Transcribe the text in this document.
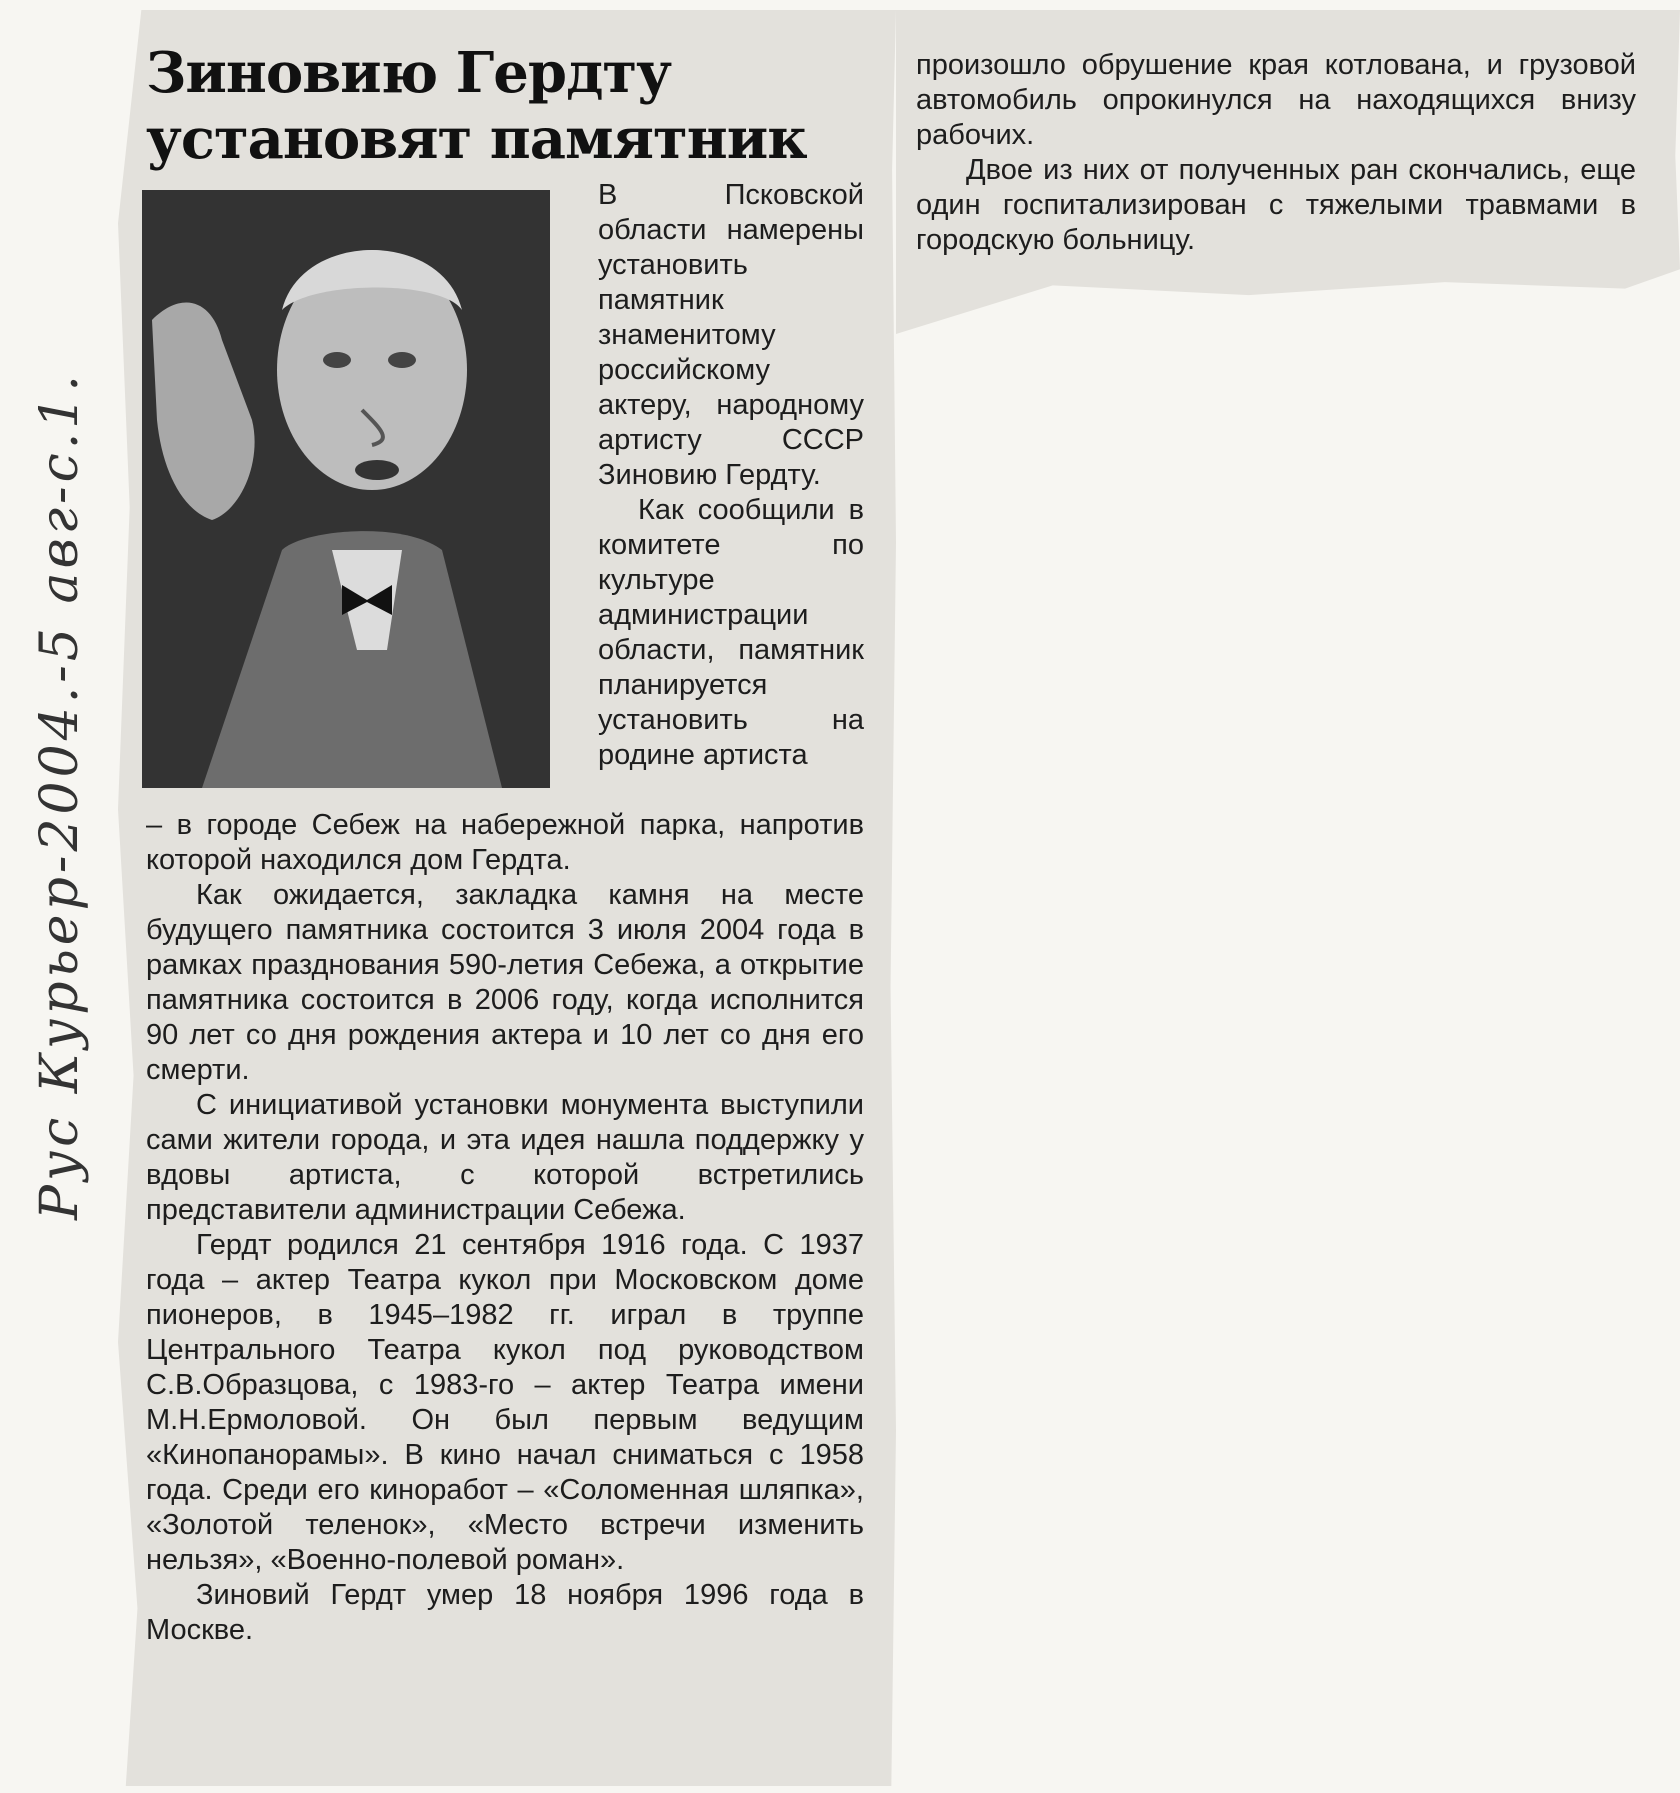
Зиновию Гердту установят памятник

В Псковской области намерены установить памятник знаменитому российскому актеру, народному артисту СССР Зиновию Гердту.

Как сообщили в комитете по культуре администрации области, памятник планируется установить на родине артиста

– в городе Себеж на набережной парка, напротив которой находился дом Гердта.

Как ожидается, закладка камня на месте будущего памятника состоится 3 июля 2004 года в рамках празднования 590-летия Себежа, а открытие памятника состоится в 2006 году, когда исполнится 90 лет со дня рождения актера и 10 лет со дня его смерти.

С инициативой установки монумента выступили сами жители города, и эта идея нашла поддержку у вдовы артиста, с которой встретились представители администрации Себежа.

Гердт родился 21 сентября 1916 года. С 1937 года – актер Театра кукол при Московском доме пионеров, в 1945–1982 гг. играл в труппе Центрального Театра кукол под руководством С.В.Образцова, с 1983-го – актер Театра имени М.Н.Ермоловой. Он был первым ведущим «Кинопанорамы». В кино начал сниматься с 1958 года. Среди его киноработ – «Соломенная шляпка», «Золотой теленок», «Место встречи изменить нельзя», «Военно-полевой роман».

Зиновий Гердт умер 18 ноября 1996 года в Москве.

произошло обрушение края котлована, и грузовой автомобиль опрокинулся на находящихся внизу рабочих.

Двое из них от полученных ран скончались, еще один госпитализирован с тяжелыми травмами в городскую больницу.

Рус Курьер-2004.-5 авг-с.1.
